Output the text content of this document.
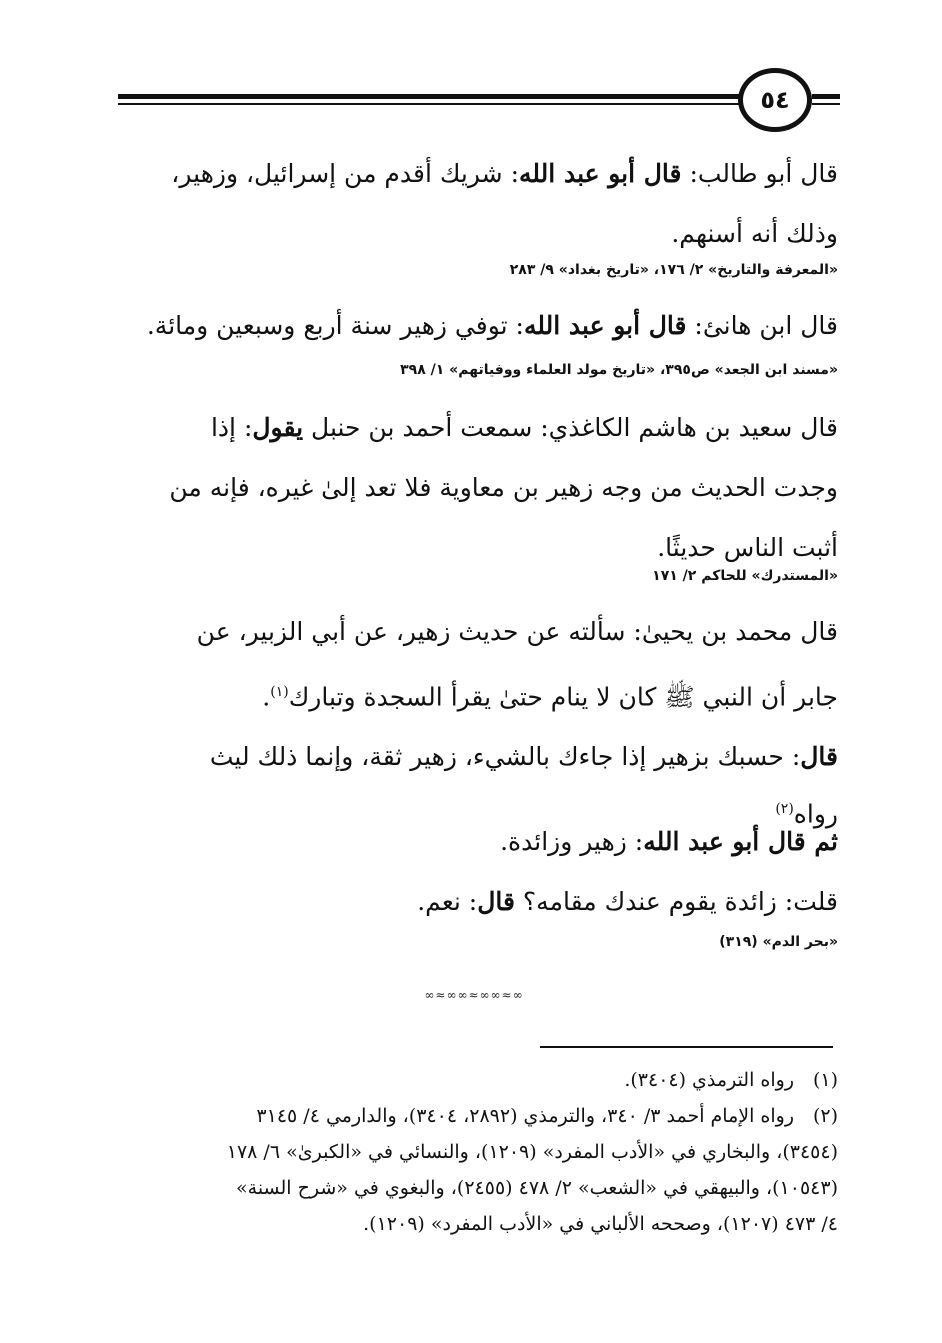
٥٤
قال أبو طالب: قال أبو عبد الله: شريك أقدم من إسرائيل، وزهير،
وذلك أنه أسنهم.
«المعرفة والتاريخ» ٢/ ١٧٦، «تاريخ بغداد» ٩/ ٢٨٣
قال ابن هانئ: قال أبو عبد الله: توفي زهير سنة أربع وسبعين ومائة.
«مسند ابن الجعد» ص٣٩٥، «تاريخ مولد العلماء ووفياتهم» ١/ ٣٩٨
قال سعيد بن هاشم الكاغذي: سمعت أحمد بن حنبل يقول: إذا
وجدت الحديث من وجه زهير بن معاوية فلا تعد إلىٰ غيره، فإنه من
أثبت الناس حديثًا.
«المستدرك» للحاكم ٢/ ١٧١
قال محمد بن يحيىٰ: سألته عن حديث زهير، عن أبي الزبير، عن
جابر أن النبي ﷺ كان لا ينام حتىٰ يقرأ السجدة وتبارك$^{(١)}$.
قال: حسبك بزهير إذا جاءك بالشيء، زهير ثقة، وإنما ذلك ليث
رواه$^{(٢)}$
ثم قال أبو عبد الله: زهير وزائدة.
قلت: زائدة يقوم عندك مقامه؟ قال: نعم.
«بحر الدم» (٣١٩)
∞≈∞∞≈∞∞≈∞
(١)رواه الترمذي (٣٤٠٤).
(٢)رواه الإمام أحمد ٣/ ٣٤٠، والترمذي (٢٨٩٢، ٣٤٠٤)، والدارمي ٤/ ٣١٤٥
(٣٤٥٤)، والبخاري في «الأدب المفرد» (١٢٠٩)، والنسائي في «الكبرىٰ» ٦/ ١٧٨
(١٠٥٤٣)، والبيهقي في «الشعب» ٢/ ٤٧٨ (٢٤٥٥)، والبغوي في «شرح السنة»
٤/ ٤٧٣ (١٢٠٧)، وصححه الألباني في «الأدب المفرد» (١٢٠٩).
